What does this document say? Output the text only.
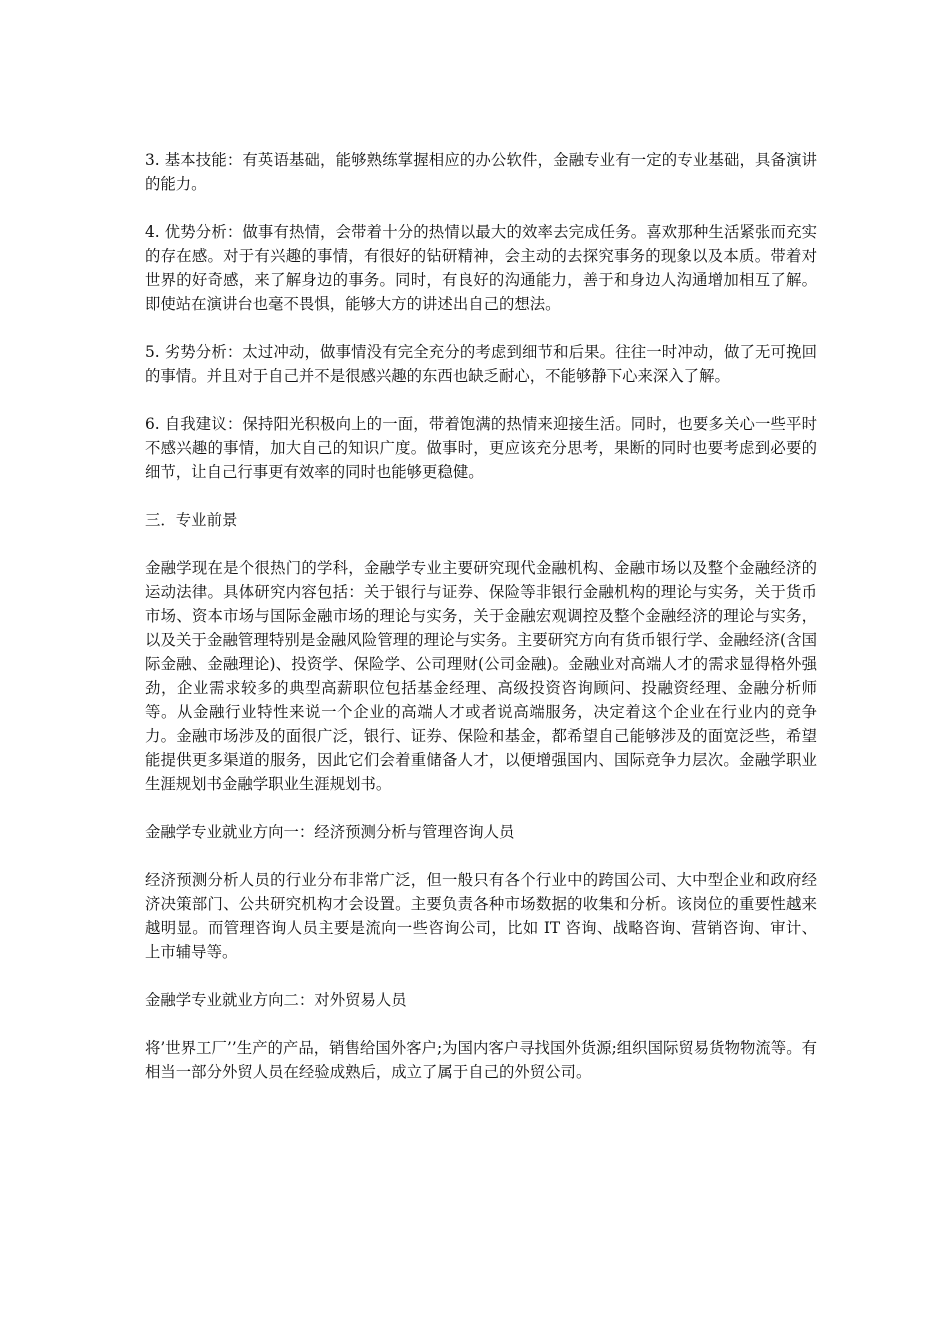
3. 基本技能：有英语基础，能够熟练掌握相应的办公软件，金融专业有一定的专业基础，具备演讲的能力。

4. 优势分析：做事有热情，会带着十分的热情以最大的效率去完成任务。喜欢那种生活紧张而充实的存在感。对于有兴趣的事情，有很好的钻研精神，会主动的去探究事务的现象以及本质。带着对世界的好奇感，来了解身边的事务。同时，有良好的沟通能力，善于和身边人沟通增加相互了解。即使站在演讲台也毫不畏惧，能够大方的讲述出自己的想法。

5. 劣势分析：太过冲动，做事情没有完全充分的考虑到细节和后果。往往一时冲动，做了无可挽回的事情。并且对于自己并不是很感兴趣的东西也缺乏耐心，不能够静下心来深入了解。

6. 自我建议：保持阳光积极向上的一面，带着饱满的热情来迎接生活。同时，也要多关心一些平时不感兴趣的事情，加大自己的知识广度。做事时，更应该充分思考，果断的同时也要考虑到必要的细节，让自己行事更有效率的同时也能够更稳健。

三．专业前景

金融学现在是个很热门的学科，金融学专业主要研究现代金融机构、金融市场以及整个金融经济的运动法律。具体研究内容包括：关于银行与证券、保险等非银行金融机构的理论与实务，关于货币市场、资本市场与国际金融市场的理论与实务，关于金融宏观调控及整个金融经济的理论与实务，以及关于金融管理特别是金融风险管理的理论与实务。主要研究方向有货币银行学、金融经济(含国际金融、金融理论)、投资学、保险学、公司理财(公司金融)。金融业对高端人才的需求显得格外强劲，企业需求较多的典型高薪职位包括基金经理、高级投资咨询顾问、投融资经理、金融分析师等。从金融行业特性来说一个企业的高端人才或者说高端服务，决定着这个企业在行业内的竞争力。金融市场涉及的面很广泛，银行、证券、保险和基金，都希望自己能够涉及的面宽泛些，希望能提供更多渠道的服务，因此它们会着重储备人才，以便增强国内、国际竞争力层次。金融学职业生涯规划书金融学职业生涯规划书。

金融学专业就业方向一：经济预测分析与管理咨询人员

经济预测分析人员的行业分布非常广泛，但一般只有各个行业中的跨国公司、大中型企业和政府经济决策部门、公共研究机构才会设置。主要负责各种市场数据的收集和分析。该岗位的重要性越来越明显。而管理咨询人员主要是流向一些咨询公司，比如 IT 咨询、战略咨询、营销咨询、审计、上市辅导等。

金融学专业就业方向二：对外贸易人员

将’世界工厂’’生产的产品，销售给国外客户;为国内客户寻找国外货源;组织国际贸易货物物流等。有相当一部分外贸人员在经验成熟后，成立了属于自己的外贸公司。
